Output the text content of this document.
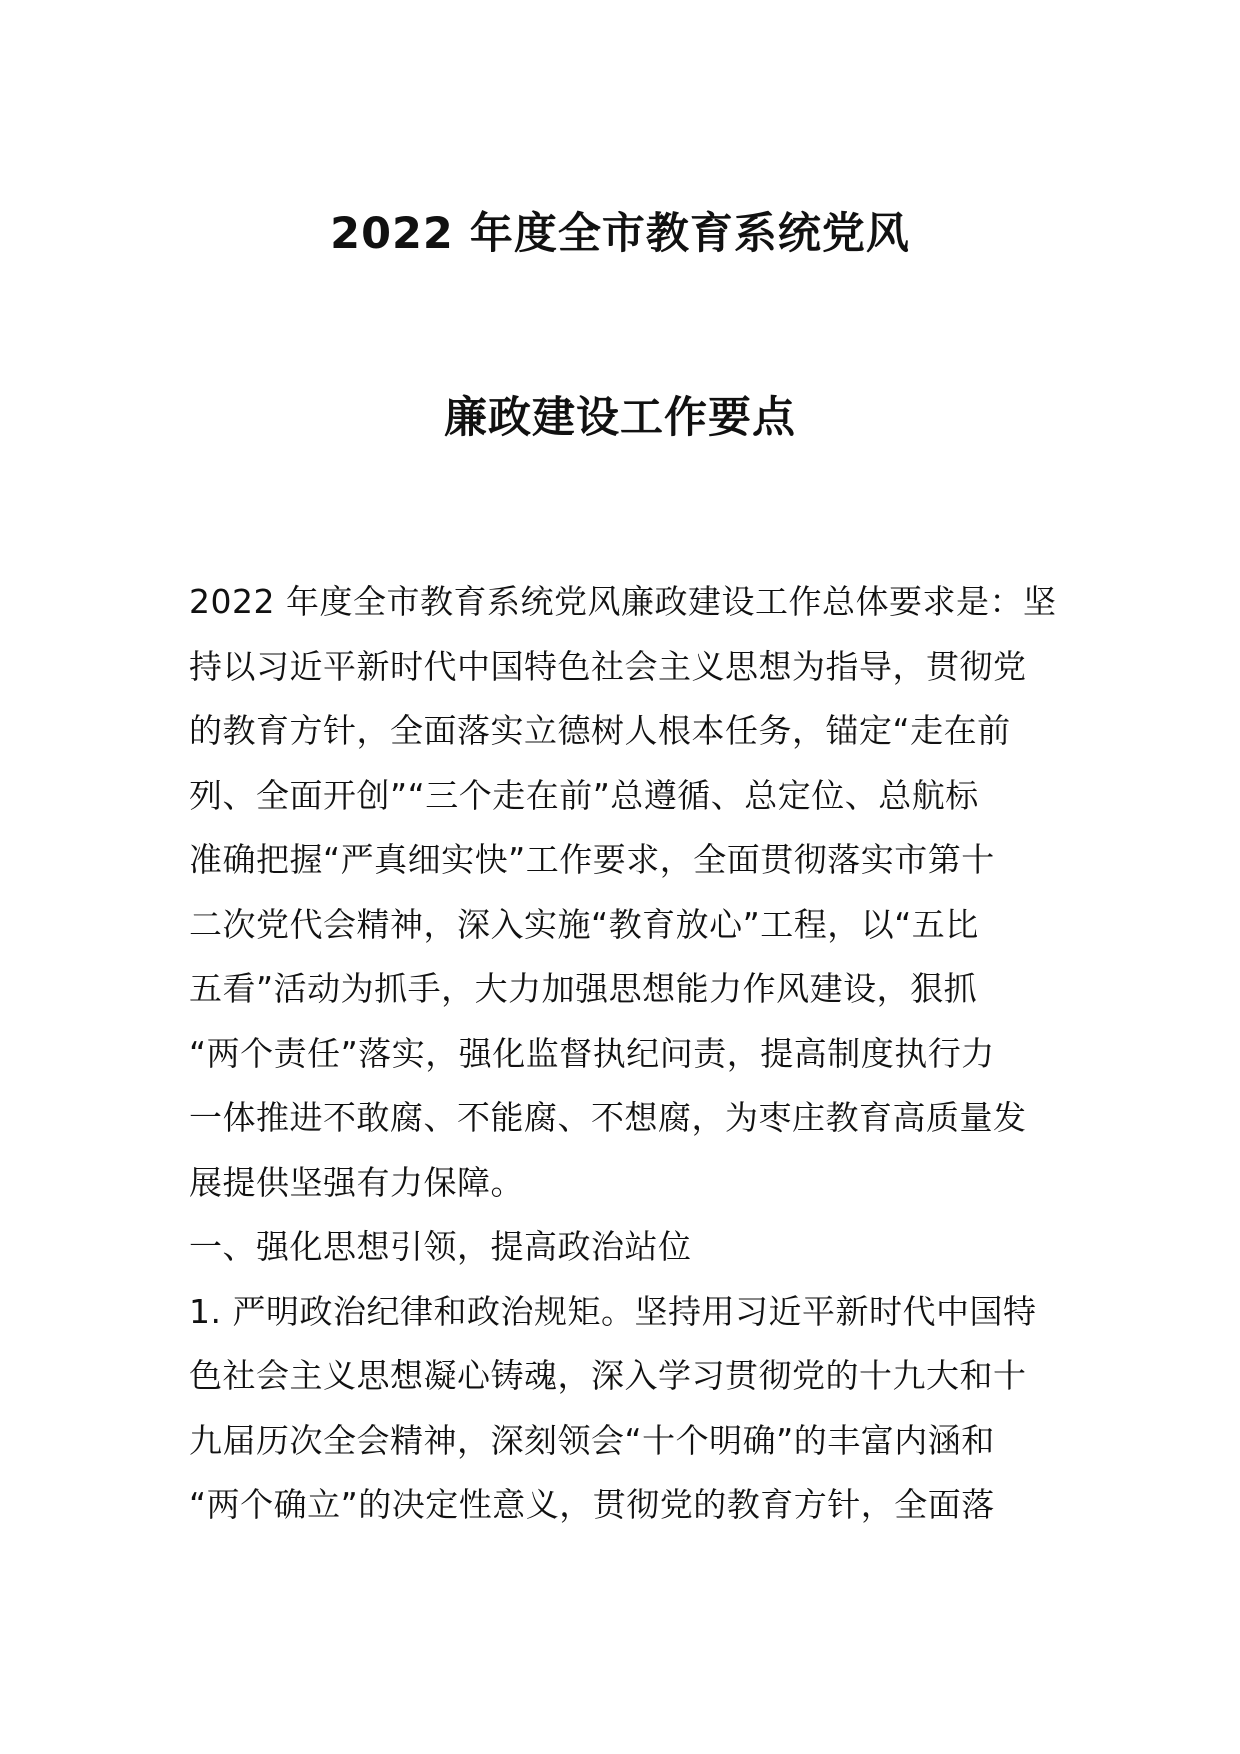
2022 年度全市教育系统党风
廉政建设工作要点
2022 年度全市教育系统党风廉政建设工作总体要求是：坚
持以习近平新时代中国特色社会主义思想为指导，贯彻党
的教育方针，全面落实立德树人根本任务，锚定“走在前
列、全面开创”“三个走在前”总遵循、总定位、总航标
准确把握“严真细实快”工作要求，全面贯彻落实市第十
二次党代会精神，深入实施“教育放心”工程，以“五比
五看”活动为抓手，大力加强思想能力作风建设，狠抓
“两个责任”落实，强化监督执纪问责，提高制度执行力
一体推进不敢腐、不能腐、不想腐，为枣庄教育高质量发
展提供坚强有力保障。
一、强化思想引领，提高政治站位
1. 严明政治纪律和政治规矩。坚持用习近平新时代中国特
色社会主义思想凝心铸魂，深入学习贯彻党的十九大和十
九届历次全会精神，深刻领会“十个明确”的丰富内涵和
“两个确立”的决定性意义，贯彻党的教育方针，全面落
